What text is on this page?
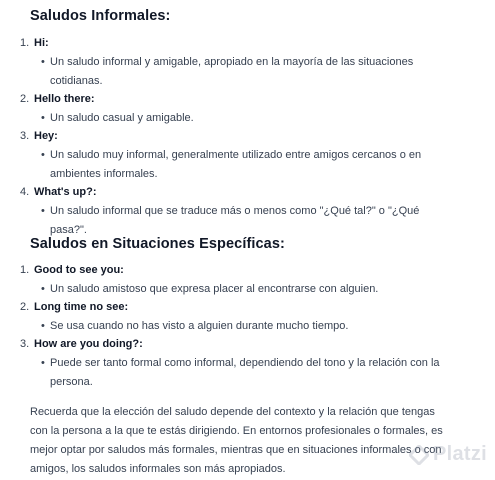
Saludos Informales:
1. Hi:
• Un saludo informal y amigable, apropiado en la mayoría de las situaciones cotidianas.
2. Hello there:
• Un saludo casual y amigable.
3. Hey:
• Un saludo muy informal, generalmente utilizado entre amigos cercanos o en ambientes informales.
4. What's up?:
• Un saludo informal que se traduce más o menos como "¿Qué tal?" o "¿Qué pasa?".
Saludos en Situaciones Específicas:
1. Good to see you:
• Un saludo amistoso que expresa placer al encontrarse con alguien.
2. Long time no see:
• Se usa cuando no has visto a alguien durante mucho tiempo.
3. How are you doing?:
• Puede ser tanto formal como informal, dependiendo del tono y la relación con la persona.
Recuerda que la elección del saludo depende del contexto y la relación que tengas con la persona a la que te estás dirigiendo. En entornos profesionales o formales, es mejor optar por saludos más formales, mientras que en situaciones informales o con amigos, los saludos informales son más apropiados.
Platzi
